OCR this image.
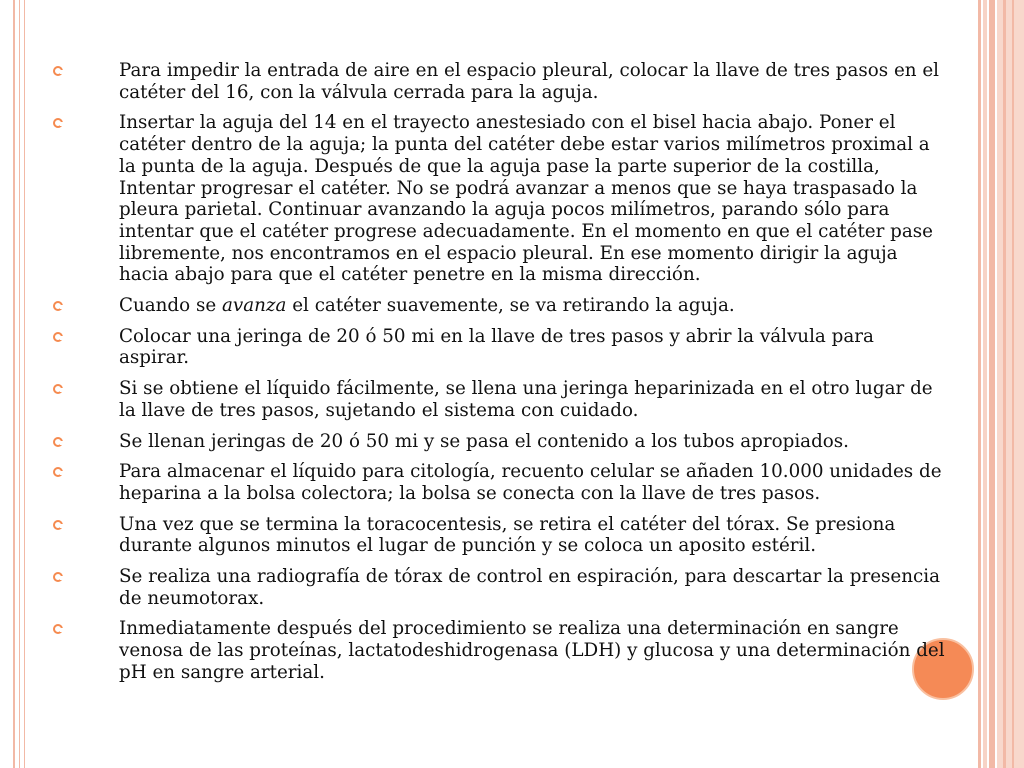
Para impedir la entrada de aire en el espacio pleural, colocar la llave de tres pasos en el catéter del 16, con la válvula cerrada para la aguja.
Insertar la aguja del 14 en el trayecto anestesiado con el bisel hacia abajo. Poner el catéter dentro de la aguja; la punta del catéter debe estar varios milímetros proximal a la punta de la aguja. Después de que la aguja pase la parte superior de la costilla, Intentar progresar el catéter. No se podrá avanzar a menos que se haya traspasado la pleura parietal. Continuar avanzando la aguja pocos milímetros, parando sólo para intentar que el catéter progrese adecuadamente. En el momento en que el catéter pase libremente, nos encontramos en el espacio pleural. En ese momento dirigir la aguja hacia abajo para que el catéter penetre en la misma dirección.
Cuando se avanza el catéter suavemente, se va retirando la aguja.
Colocar una jeringa de 20 ó 50 mi en la llave de tres pasos y abrir la válvula para aspirar.
Si se obtiene el líquido fácilmente, se llena una jeringa heparinizada en el otro lugar de la llave de tres pasos, sujetando el sistema con cuidado.
Se llenan jeringas de 20 ó 50 mi y se pasa el contenido a los tubos apropiados.
Para almacenar el líquido para citología, recuento celular se añaden 10.000 unidades de heparina a la bolsa colectora; la bolsa se conecta con la llave de tres pasos.
Una vez que se termina la toracocentesis, se retira el catéter del tórax. Se presiona durante algunos minutos el lugar de punción y se coloca un aposito estéril.
Se realiza una radiografía de tórax de control en espiración, para descartar la presencia de neumotorax.
Inmediatamente después del procedimiento se realiza una determinación en sangre venosa de las proteínas, lactatodeshidrogenasa (LDH) y glucosa y una determinación del pH en sangre arterial.
